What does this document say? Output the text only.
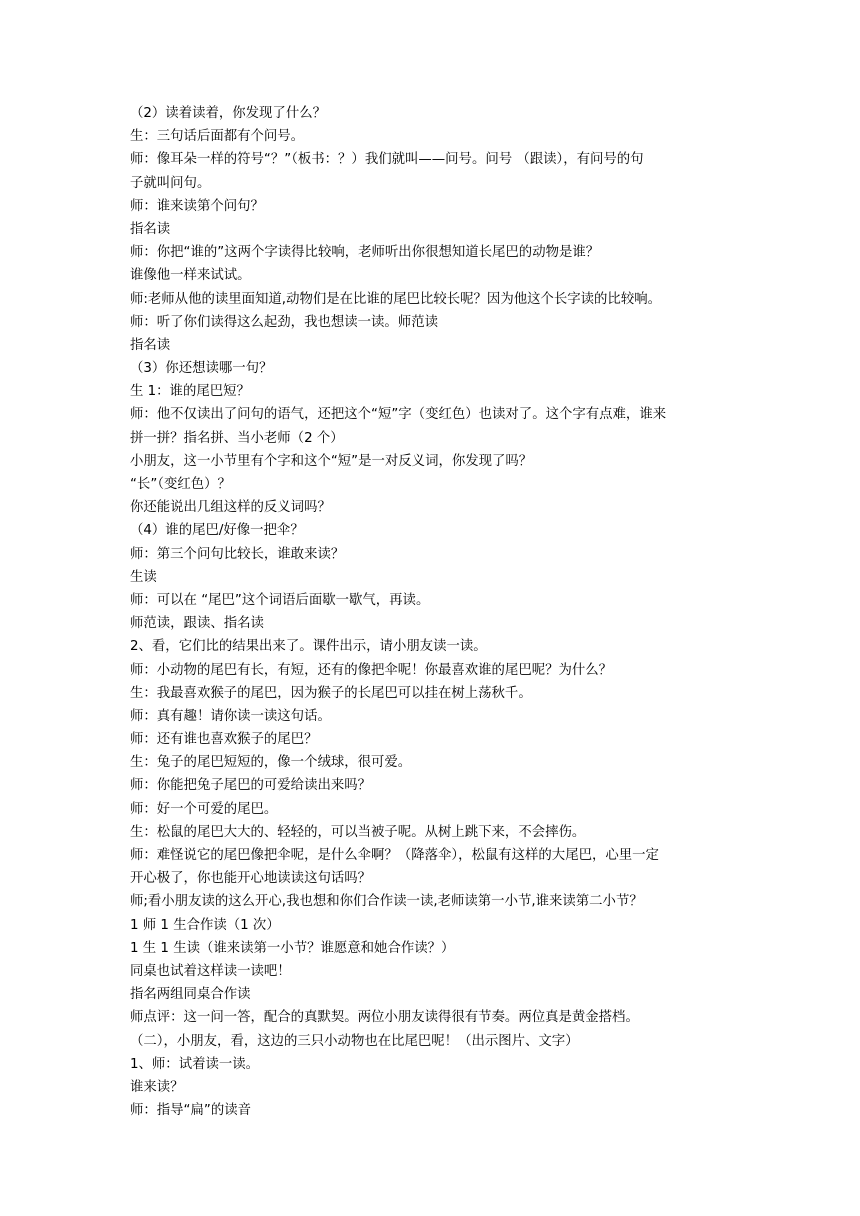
（2）读着读着，你发现了什么？
生：三句话后面都有个问号。
师：像耳朵一样的符号“？”（板书：？）我们就叫——问号。问号 （跟读），有问号的句
子就叫问句。
师：谁来读第个问句？
指名读
师：你把“谁的”这两个字读得比较响，老师听出你很想知道长尾巴的动物是谁？
谁像他一样来试试。
师:老师从他的读里面知道,动物们是在比谁的尾巴比较长呢？因为他这个长字读的比较响。
师：听了你们读得这么起劲，我也想读一读。师范读
指名读
（3）你还想读哪一句？
生 1：谁的尾巴短？
师：他不仅读出了问句的语气，还把这个“短”字（变红色）也读对了。这个字有点难，谁来
拼一拼？指名拼、当小老师（2 个）
小朋友，这一小节里有个字和这个“短”是一对反义词，你发现了吗？
“长”（变红色）？
你还能说出几组这样的反义词吗？
（4）谁的尾巴/好像一把伞？
师：第三个问句比较长，谁敢来读？
生读
师：可以在 “尾巴”这个词语后面歇一歇气，再读。
师范读，跟读、指名读
2、看，它们比的结果出来了。课件出示，请小朋友读一读。
师：小动物的尾巴有长，有短，还有的像把伞呢！你最喜欢谁的尾巴呢？为什么？
生：我最喜欢猴子的尾巴，因为猴子的长尾巴可以挂在树上荡秋千。
师：真有趣！请你读一读这句话。
师：还有谁也喜欢猴子的尾巴？
生：兔子的尾巴短短的，像一个绒球，很可爱。
师：你能把兔子尾巴的可爱给读出来吗？
师：好一个可爱的尾巴。
生：松鼠的尾巴大大的、轻轻的，可以当被子呢。从树上跳下来，不会摔伤。
师：难怪说它的尾巴像把伞呢，是什么伞啊？（降落伞），松鼠有这样的大尾巴，心里一定
开心极了，你也能开心地读读这句话吗？
师;看小朋友读的这么开心,我也想和你们合作读一读,老师读第一小节,谁来读第二小节？
1 师 1 生合作读（1 次）
1 生 1 生读（谁来读第一小节？谁愿意和她合作读？）
同桌也试着这样读一读吧！
指名两组同桌合作读
师点评：这一问一答，配合的真默契。两位小朋友读得很有节奏。两位真是黄金搭档。
（二），小朋友，看，这边的三只小动物也在比尾巴呢！（出示图片、文字）
1、师：试着读一读。
谁来读？
师：指导“扁”的读音
